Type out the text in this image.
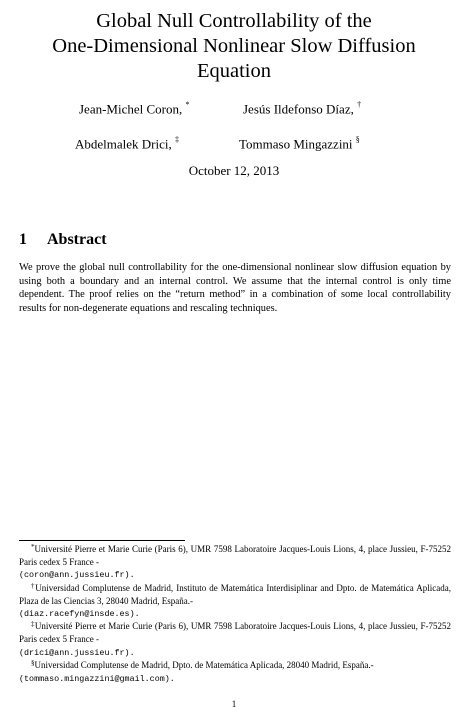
Global Null Controllability of the
One-Dimensional Nonlinear Slow Diffusion
Equation
Jean-Michel Coron, *	Jesús Ildefonso Díaz, †
Abdelmalek Drici, ‡	Tommaso Mingazzini §
October 12, 2013
1 Abstract
We prove the global null controllability for the one-dimensional nonlinear slow diffusion equation by using both a boundary and an internal control. We assume that the internal control is only time dependent. The proof relies on the “return method” in a combination of some local controllability results for non-degenerate equations and rescaling techniques.
*Université Pierre et Marie Curie (Paris 6), UMR 7598 Laboratoire Jacques-Louis Lions, 4, place Jussieu, F-75252 Paris cedex 5 France -
(coron@ann.jussieu.fr).
†Universidad Complutense de Madrid, Instituto de Matemática Interdisiplinar and Dpto. de Matemática Aplicada, Plaza de las Ciencias 3, 28040 Madrid, España.-
(diaz.racefyn@insde.es).
‡Université Pierre et Marie Curie (Paris 6), UMR 7598 Laboratoire Jacques-Louis Lions, 4, place Jussieu, F-75252 Paris cedex 5 France -
(drici@ann.jussieu.fr).
§Universidad Complutense de Madrid, Dpto. de Matemática Aplicada, 28040 Madrid, España.-
(tommaso.mingazzini@gmail.com).
1
